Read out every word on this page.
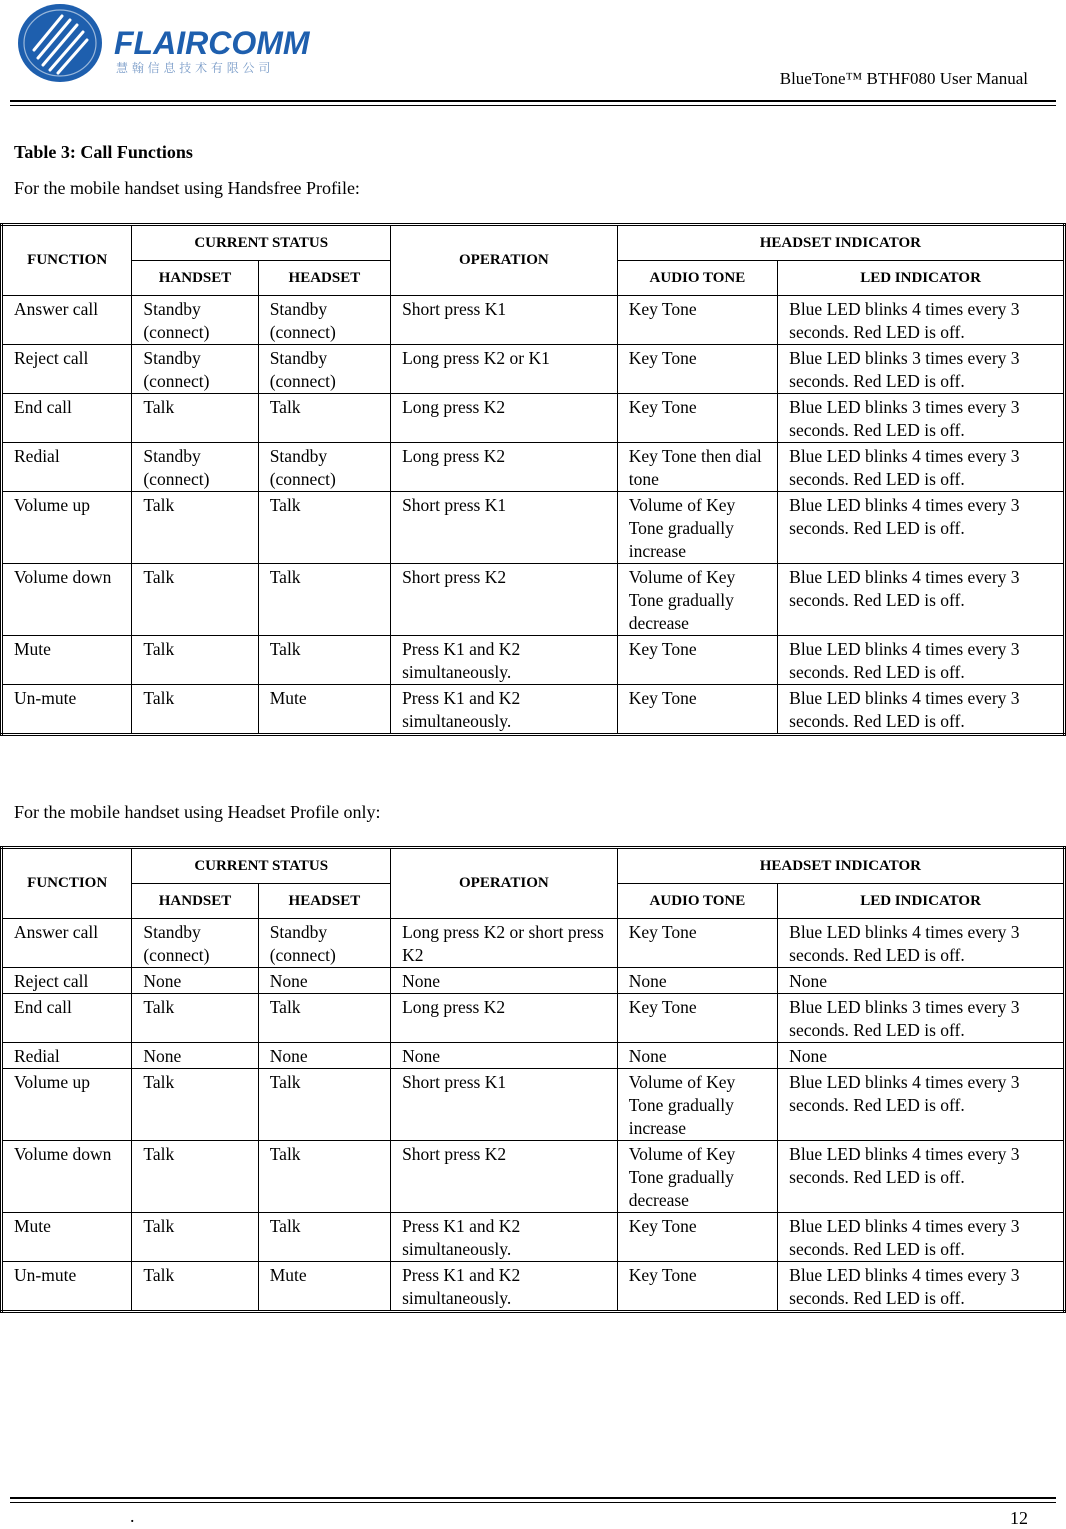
FLAIRCOMM
慧 翰 信 息 技 术 有 限 公 司
BlueTone™ BTHF080 User Manual
Table 3: Call Functions
For the mobile handset using Handsfree Profile:
FUNCTION	CURRENT STATUS		OPERATION	HEADSET INDICATOR	
	HANDSET	HEADSET		AUDIO TONE	LED INDICATOR
Answer call	Standby (connect)	Standby (connect)	Short press K1	Key Tone	Blue LED blinks 4 times every 3 seconds. Red LED is off.
Reject call	Standby (connect)	Standby (connect)	Long press K2 or K1	Key Tone	Blue LED blinks 3 times every 3 seconds. Red LED is off.
End call	Talk	Talk	Long press K2	Key Tone	Blue LED blinks 3 times every 3 seconds. Red LED is off.
Redial	Standby (connect)	Standby (connect)	Long press K2	Key Tone then dial tone	Blue LED blinks 4 times every 3 seconds. Red LED is off.
Volume up	Talk	Talk	Short press K1	Volume of Key Tone gradually increase	Blue LED blinks 4 times every 3 seconds. Red LED is off.
Volume down	Talk	Talk	Short press K2	Volume of Key Tone gradually decrease	Blue LED blinks 4 times every 3 seconds. Red LED is off.
Mute	Talk	Talk	Press K1 and K2 simultaneously.	Key Tone	Blue LED blinks 4 times every 3 seconds. Red LED is off.
Un-mute	Talk	Mute	Press K1 and K2 simultaneously.	Key Tone	Blue LED blinks 4 times every 3 seconds. Red LED is off.
For the mobile handset using Headset Profile only:
FUNCTION	CURRENT STATUS		OPERATION	HEADSET INDICATOR	
	HANDSET	HEADSET		AUDIO TONE	LED INDICATOR
Answer call	Standby (connect)	Standby (connect)	Long press K2 or short press K2	Key Tone	Blue LED blinks 4 times every 3 seconds. Red LED is off.
Reject call	None	None	None	None	None
End call	Talk	Talk	Long press K2	Key Tone	Blue LED blinks 3 times every 3 seconds. Red LED is off.
Redial	None	None	None	None	None
Volume up	Talk	Talk	Short press K1	Volume of Key Tone gradually increase	Blue LED blinks 4 times every 3 seconds. Red LED is off.
Volume down	Talk	Talk	Short press K2	Volume of Key Tone gradually decrease	Blue LED blinks 4 times every 3 seconds. Red LED is off.
Mute	Talk	Talk	Press K1 and K2 simultaneously.	Key Tone	Blue LED blinks 4 times every 3 seconds. Red LED is off.
Un-mute	Talk	Mute	Press K1 and K2 simultaneously.	Key Tone	Blue LED blinks 4 times every 3 seconds. Red LED is off.
.	12
